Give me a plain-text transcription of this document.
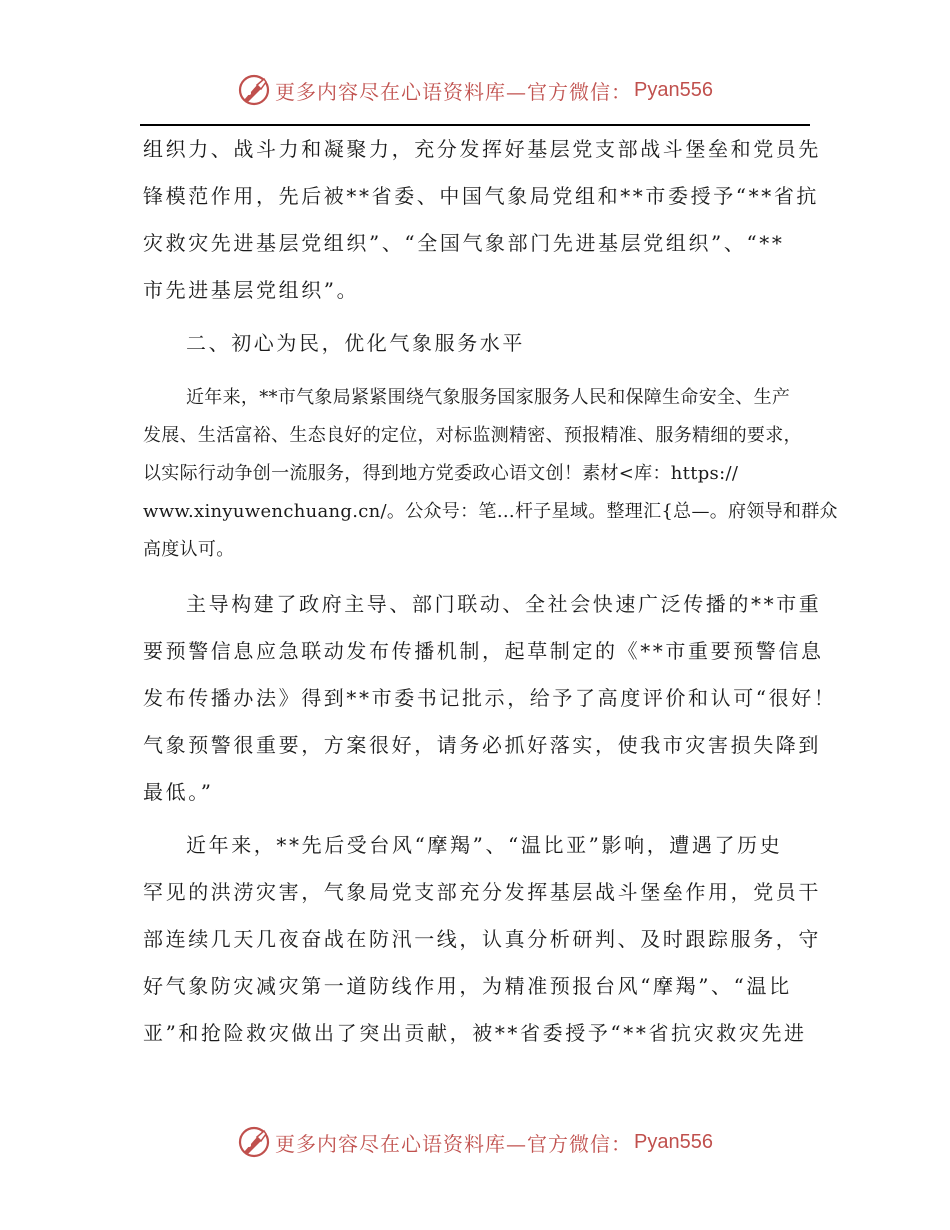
更多内容尽在心语资料库—官方微信： Pyan556
组织力、战斗力和凝聚力，充分发挥好基层党支部战斗堡垒和党员先
锋模范作用，先后被**省委、中国气象局党组和**市委授予“**省抗
灾救灾先进基层党组织”、“全国气象部门先进基层党组织”、“**
市先进基层党组织”。
二、初心为民，优化气象服务水平
近年来，**市气象局紧紧围绕气象服务国家服务人民和保障生命安全、生产
发展、生活富裕、生态良好的定位，对标监测精密、预报精准、服务精细的要求，
以实际行动争创一流服务，得到地方党委政心语文创！素材<库：https://
www.xinyuwenchuang.cn/。公众号：笔…杆子星域。整理汇{总—。府领导和群众
高度认可。
主导构建了政府主导、部门联动、全社会快速广泛传播的**市重
要预警信息应急联动发布传播机制，起草制定的《**市重要预警信息
发布传播办法》得到**市委书记批示，给予了高度评价和认可“很好！
气象预警很重要，方案很好，请务必抓好落实，使我市灾害损失降到
最低。”
近年来，**先后受台风“摩羯”、“温比亚”影响，遭遇了历史
罕见的洪涝灾害，气象局党支部充分发挥基层战斗堡垒作用，党员干
部连续几天几夜奋战在防汛一线，认真分析研判、及时跟踪服务，守
好气象防灾减灾第一道防线作用，为精准预报台风“摩羯”、“温比
亚”和抢险救灾做出了突出贡献，被**省委授予“**省抗灾救灾先进
更多内容尽在心语资料库—官方微信： Pyan556
